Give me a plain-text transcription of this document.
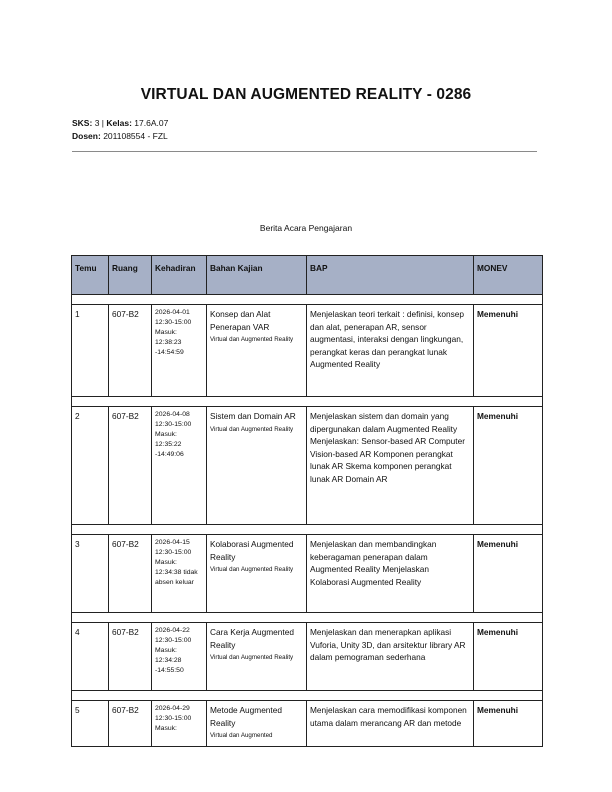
VIRTUAL DAN AUGMENTED REALITY - 0286
SKS: 3 | Kelas: 17.6A.07
Dosen: 201108554 - FZL
Berita Acara Pengajaran
Temu	Ruang	Kehadiran	Bahan Kajian	BAP	MONEV

1	607-B2	2026-04-01
12:30-15:00
Masuk: 12:38:23 -14:54:59	Konsep dan Alat Penerapan VAR
Virtual dan Augmented Reality	Menjelaskan teori terkait : definisi, konsep dan alat, penerapan AR, sensor augmentasi, interaksi dengan lingkungan, perangkat keras dan perangkat lunak Augmented Reality	Memenuhi

2	607-B2	2026-04-08
12:30-15:00
Masuk: 12:35:22 -14:49:06	Sistem dan Domain AR
Virtual dan Augmented Reality	Menjelaskan sistem dan domain yang dipergunakan dalam Augmented Reality Menjelaskan: Sensor-based AR Computer Vision-based AR Komponen perangkat lunak AR Skema komponen perangkat lunak AR Domain AR	Memenuhi

3	607-B2	2026-04-15
12:30-15:00
Masuk: 12:34:38 tidak absen keluar	Kolaborasi Augmented Reality
Virtual dan Augmented Reality	Menjelaskan dan membandingkan keberagaman penerapan dalam Augmented Reality Menjelaskan Kolaborasi Augmented Reality	Memenuhi

4	607-B2	2026-04-22
12:30-15:00
Masuk: 12:34:28 -14:55:50	Cara Kerja Augmented Reality
Virtual dan Augmented Reality	Menjelaskan dan menerapkan aplikasi Vuforia, Unity 3D, dan arsitektur library AR dalam pemograman sederhana	Memenuhi

5	607-B2	2026-04-29
12:30-15:00
Masuk:	Metode Augmented Reality
Virtual dan Augmented	Menjelaskan cara memodifikasi komponen utama dalam merancang AR dan metode	Memenuhi
